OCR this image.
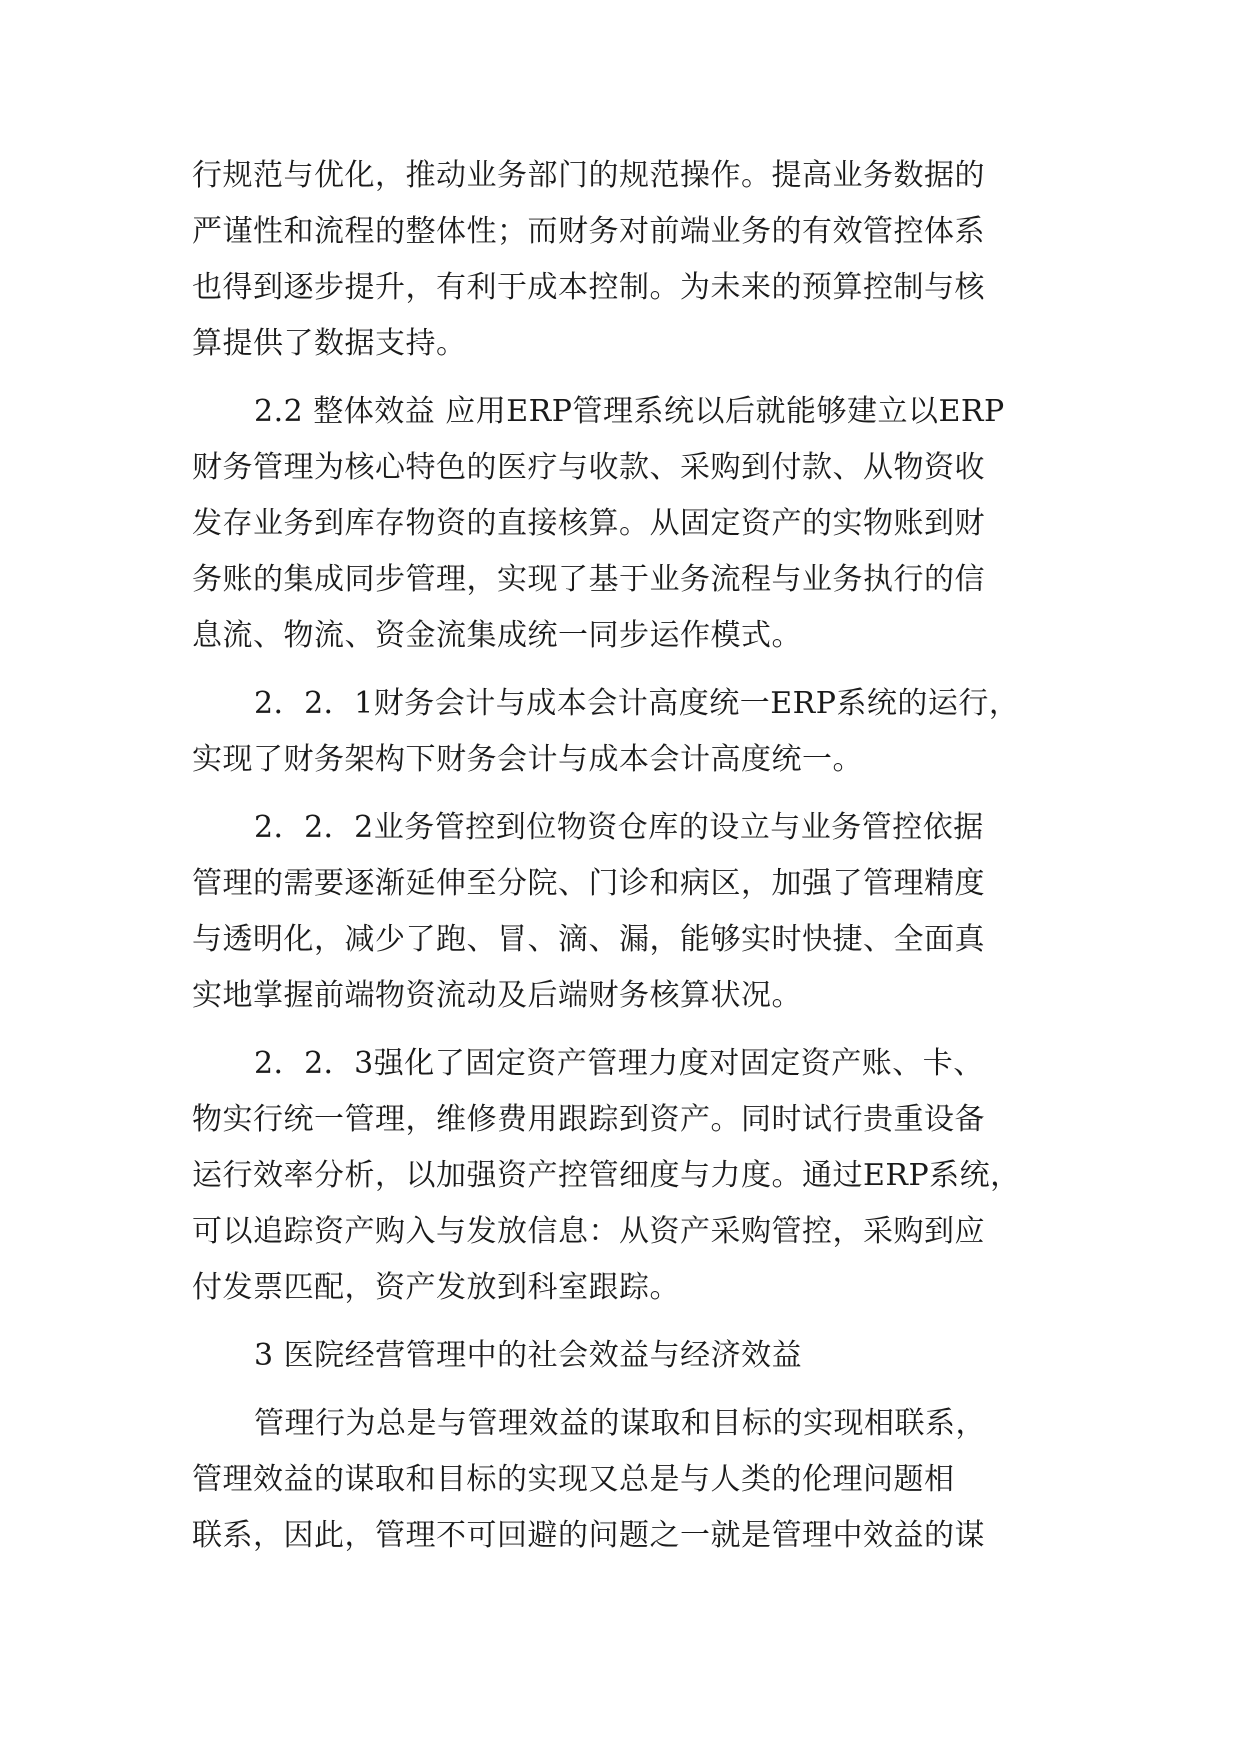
行规范与优化，推动业务部门的规范操作。提高业务数据的
严谨性和流程的整体性；而财务对前端业务的有效管控体系
也得到逐步提升，有利于成本控制。为未来的预算控制与核
算提供了数据支持。
2.2 整体效益 应用ERP管理系统以后就能够建立以ERP
财务管理为核心特色的医疗与收款、采购到付款、从物资收
发存业务到库存物资的直接核算。从固定资产的实物账到财
务账的集成同步管理，实现了基于业务流程与业务执行的信
息流、物流、资金流集成统一同步运作模式。
2．2．1财务会计与成本会计高度统一ERP系统的运行，
实现了财务架构下财务会计与成本会计高度统一。
2．2．2业务管控到位物资仓库的设立与业务管控依据
管理的需要逐渐延伸至分院、门诊和病区，加强了管理精度
与透明化，减少了跑、冒、滴、漏，能够实时快捷、全面真
实地掌握前端物资流动及后端财务核算状况。
2．2．3强化了固定资产管理力度对固定资产账、卡、
物实行统一管理，维修费用跟踪到资产。同时试行贵重设备
运行效率分析，以加强资产控管细度与力度。通过ERP系统，
可以追踪资产购入与发放信息：从资产采购管控，采购到应
付发票匹配，资产发放到科室跟踪。
3 医院经营管理中的社会效益与经济效益
管理行为总是与管理效益的谋取和目标的实现相联系，
管理效益的谋取和目标的实现又总是与人类的伦理问题相
联系，因此，管理不可回避的问题之一就是管理中效益的谋
